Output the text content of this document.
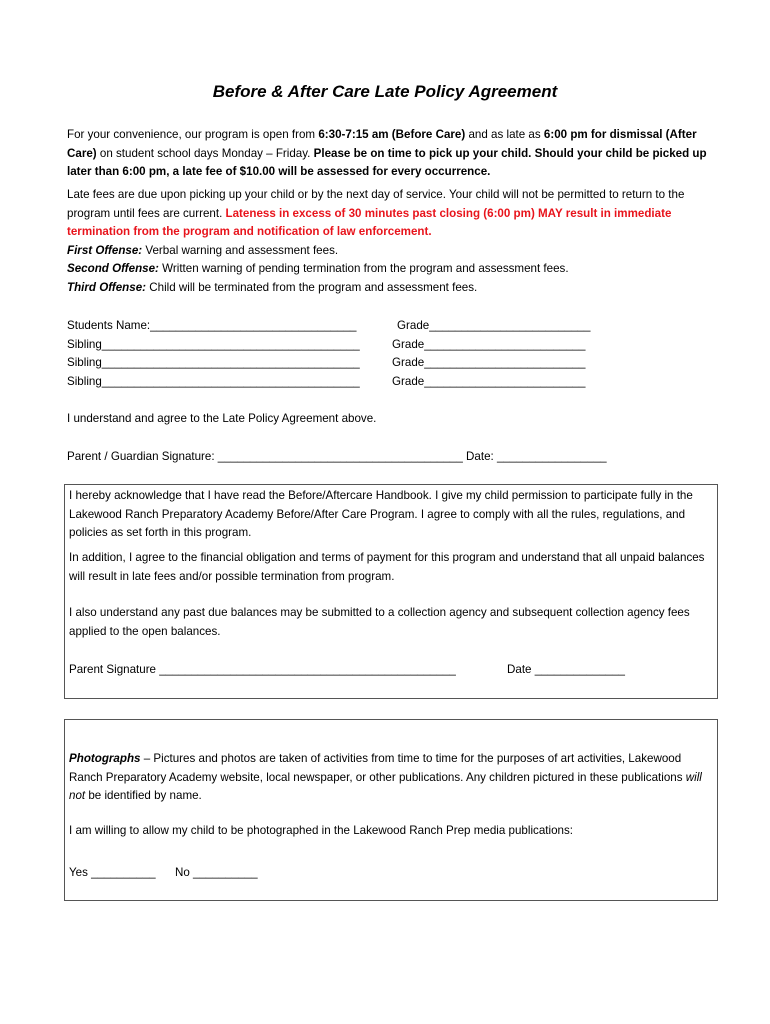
Before & After Care Late Policy Agreement
For your convenience, our program is open from 6:30-7:15 am (Before Care) and as late as 6:00 pm for dismissal (After Care) on student school days Monday – Friday. Please be on time to pick up your child. Should your child be picked up later than 6:00 pm, a late fee of $10.00 will be assessed for every occurrence.
Late fees are due upon picking up your child or by the next day of service. Your child will not be permitted to return to the program until fees are current. Lateness in excess of 30 minutes past closing (6:00 pm) MAY result in immediate termination from the program and notification of law enforcement.
First Offense: Verbal warning and assessment fees.
Second Offense: Written warning of pending termination from the program and assessment fees.
Third Offense: Child will be terminated from the program and assessment fees.
Students Name:________________________________	Grade_________________________
Sibling________________________________________	Grade_________________________
Sibling________________________________________	Grade_________________________
Sibling________________________________________	Grade_________________________
I understand and agree to the Late Policy Agreement above.
Parent / Guardian Signature: ______________________________________ Date: _________________
I hereby acknowledge that I have read the Before/Aftercare Handbook. I give my child permission to participate fully in the Lakewood Ranch Preparatory Academy Before/After Care Program. I agree to comply with all the rules, regulations, and policies as set forth in this program.
In addition, I agree to the financial obligation and terms of payment for this program and understand that all unpaid balances will result in late fees and/or possible termination from program.
I also understand any past due balances may be submitted to a collection agency and subsequent collection agency fees applied to the open balances.
Parent Signature ______________________________________________	Date ______________
Photographs – Pictures and photos are taken of activities from time to time for the purposes of art activities, Lakewood Ranch Preparatory Academy website, local newspaper, or other publications. Any children pictured in these publications will not be identified by name.
I am willing to allow my child to be photographed in the Lakewood Ranch Prep media publications:
Yes __________ No __________
